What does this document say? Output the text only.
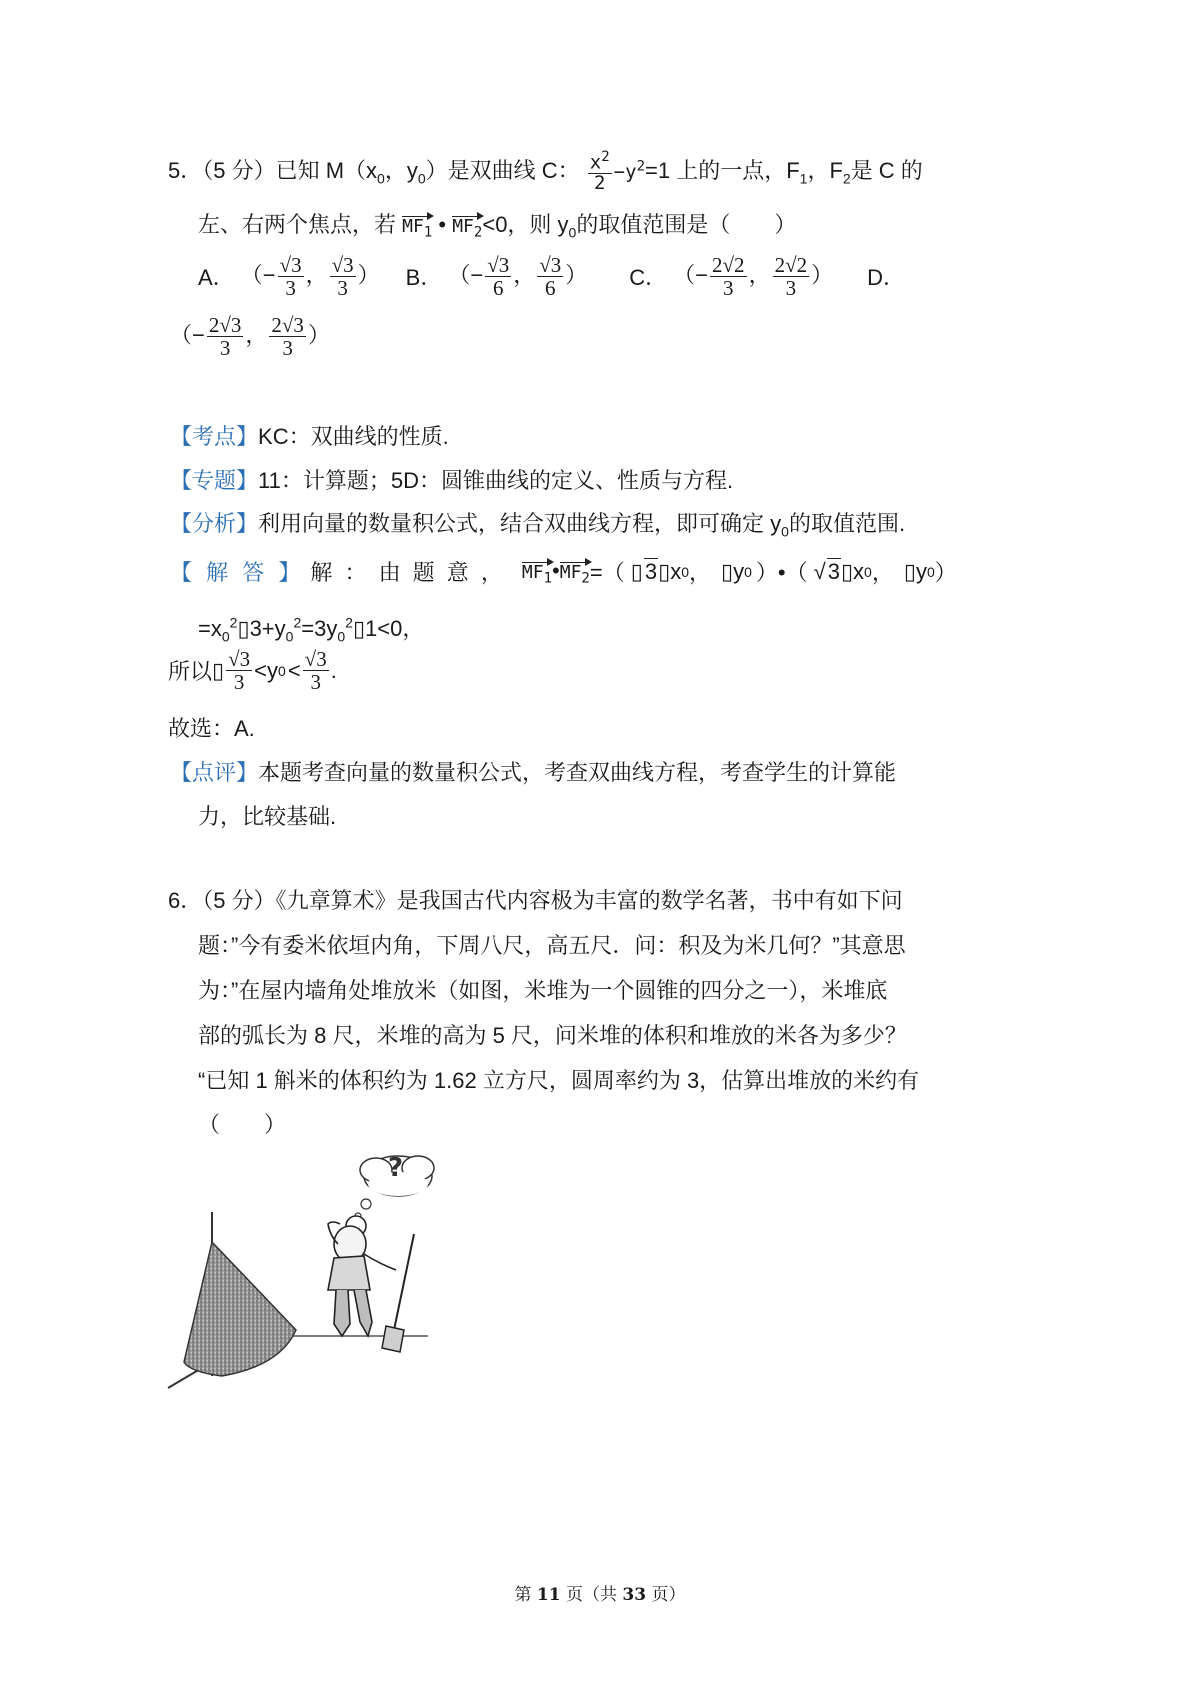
5．（5 分）已知 $M(x_0$，$y_0$）是双曲线 C： $\frac{x^2}{2} -y^2=1$ 上的一点，$F_1$，$F_2$是 C 的
左、右两个焦点，若 $MF_1$ • $MF_2<0$，则 $y_0$的取值范围是（　　）
A． （− $\frac{√3}{3}$ ， $\frac{√3}{3}$ ） B． （− $\frac{√3}{6}$ ， $\frac{√3}{6}$ ） C． （− $\frac{2√2}{3}$ ， $\frac{2√2}{3}$ ） D．
（− $\frac{2√3}{3}$ ， $\frac{2√3}{3}$ ）
【考点】KC：双曲线的性质.
【专题】11：计算题；5D：圆锥曲线的定义、性质与方程.
【分析】利用向量的数量积公式，结合双曲线方程，即可确定 $y_0$的取值范围.
【 解 答 】 解 ： 由 题 意 ， $MF_1•MF_2$ =（ ▯ 3 ▯ x 0 ， ▯ y 0 ）•（ √ 3 ▯ x 0 ， ▯ y 0 ）
$=x_0^2▯3+y_0^2=3y_0^2▯1<0$，
所以 ▯ $\frac{√3}{3} <y$ $0 < \frac{√3}{3}$ .
故选：A.
【点评】本题考查向量的数量积公式，考查双曲线方程，考查学生的计算能
力，比较基础.
6．（5 分）《九章算术》是我国古代内容极为丰富的数学名著，书中有如下问
题：”今有委米依垣内角，下周八尺，高五尺．问：积及为米几何？”其意思
为：”在屋内墙角处堆放米（如图，米堆为一个圆锥的四分之一），米堆底
部的弧长为 8 尺，米堆的高为 5 尺，问米堆的体积和堆放的米各为多少？
“已知 1 斛米的体积约为 1.62 立方尺，圆周率约为 3，估算出堆放的米约有
（　　）
?
第 11 页（共 33 页）
